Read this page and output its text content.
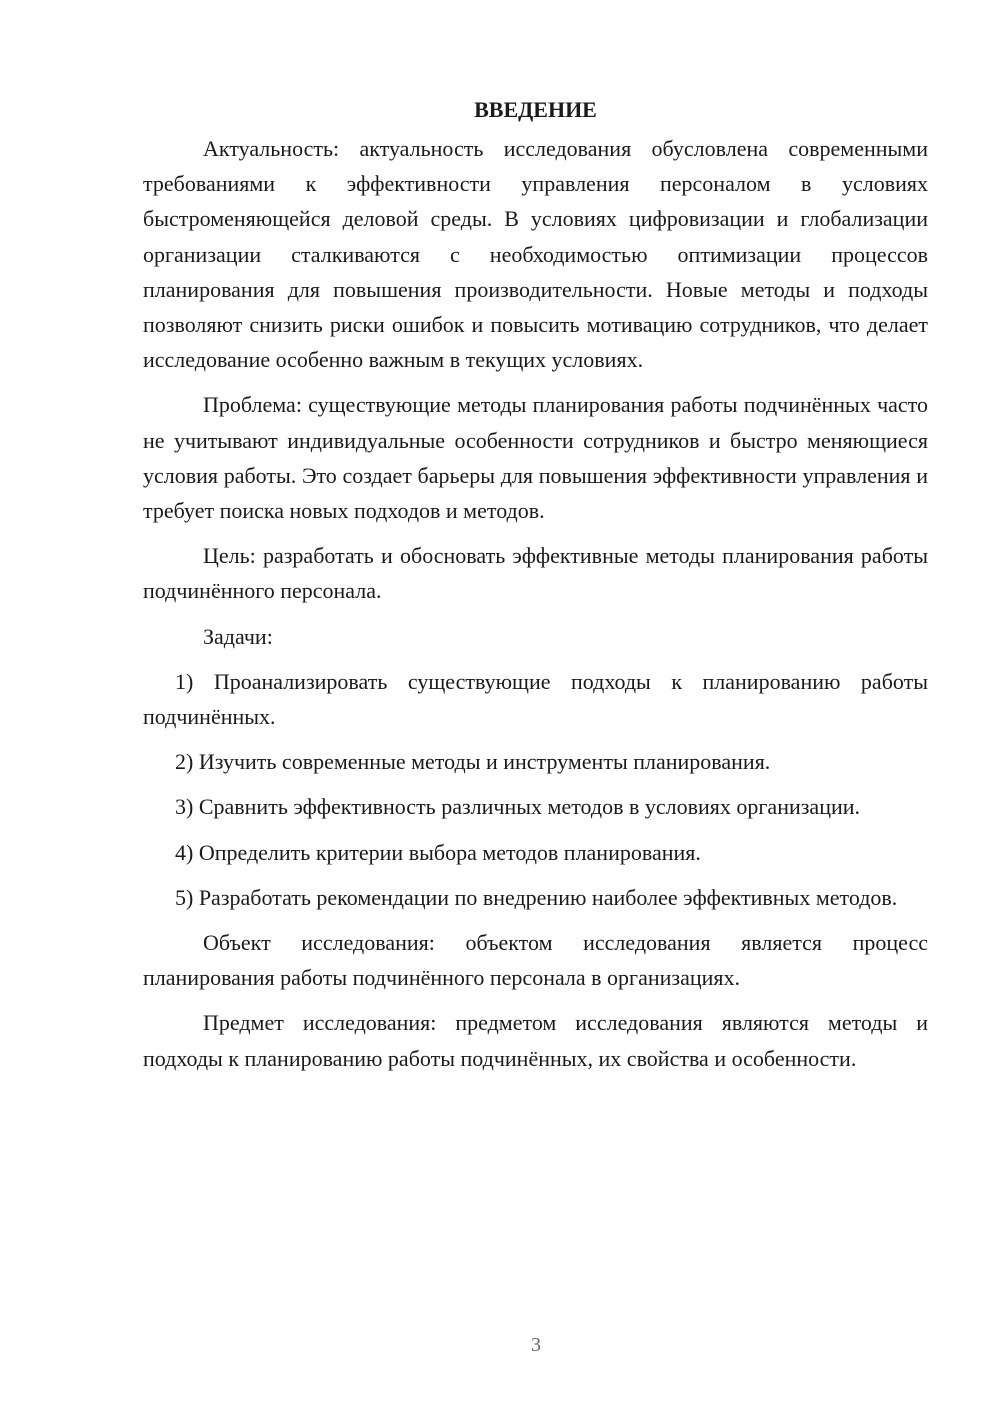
ВВЕДЕНИЕ

Актуальность: актуальность исследования обусловлена современными требованиями к эффективности управления персоналом в условиях быстроменяющейся деловой среды. В условиях цифровизации и глобализации организации сталкиваются с необходимостью оптимизации процессов планирования для повышения производительности. Новые методы и подходы позволяют снизить риски ошибок и повысить мотивацию сотрудников, что делает исследование особенно важным в текущих условиях.

Проблема: существующие методы планирования работы подчинённых часто не учитывают индивидуальные особенности сотрудников и быстро меняющиеся условия работы. Это создает барьеры для повышения эффективности управления и требует поиска новых подходов и методов.

Цель: разработать и обосновать эффективные методы планирования работы подчинённого персонала.

Задачи:

1) Проанализировать существующие подходы к планированию работы подчинённых.

2) Изучить современные методы и инструменты планирования.

3) Сравнить эффективность различных методов в условиях организации.

4) Определить критерии выбора методов планирования.

5) Разработать рекомендации по внедрению наиболее эффективных методов.

Объект исследования: объектом исследования является процесс планирования работы подчинённого персонала в организациях.

Предмет исследования: предметом исследования являются методы и подходы к планированию работы подчинённых, их свойства и особенности.

3
